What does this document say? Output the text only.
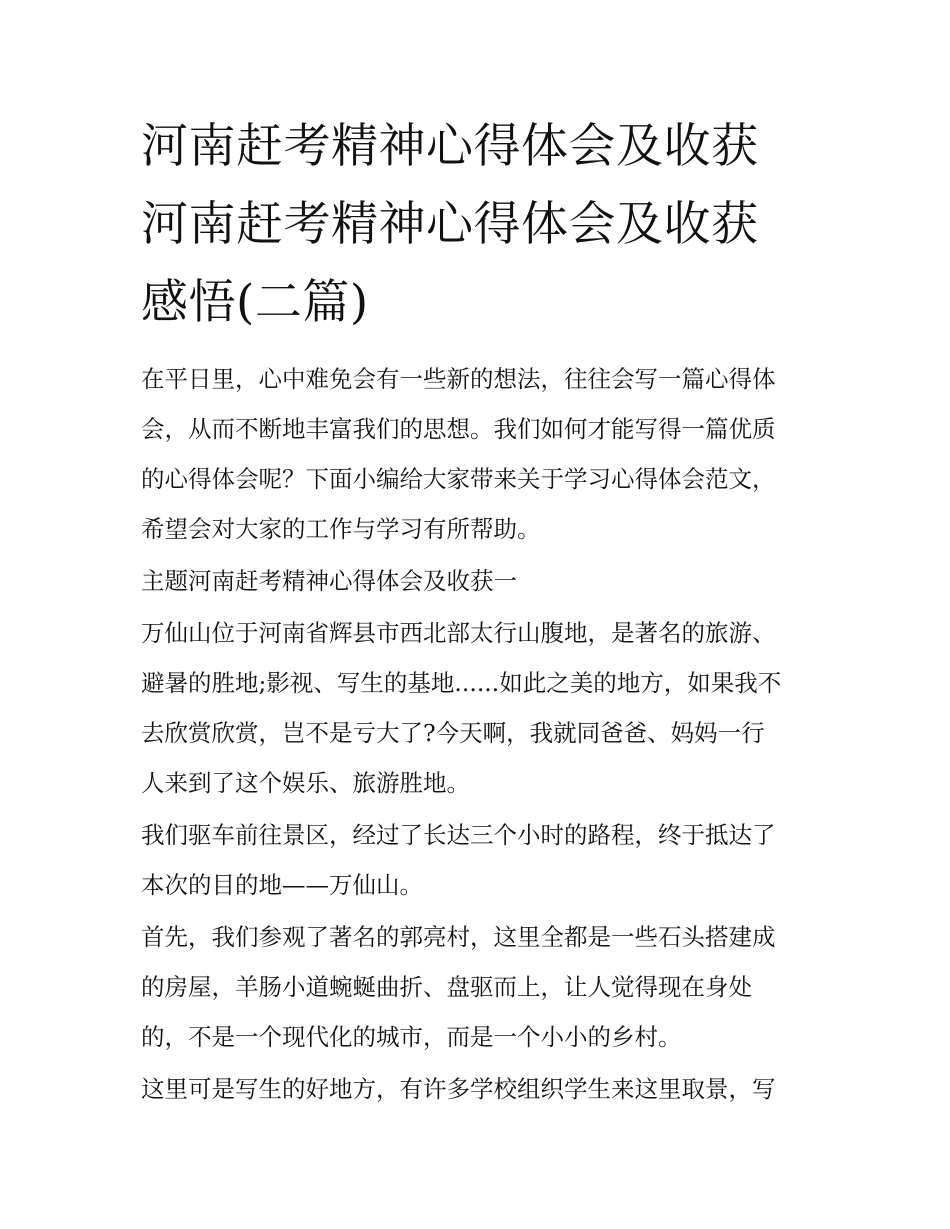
河南赶考精神心得体会及收获
河南赶考精神心得体会及收获
感悟(二篇)
在平日里，心中难免会有一些新的想法，往往会写一篇心得体
会，从而不断地丰富我们的思想。我们如何才能写得一篇优质
的心得体会呢？下面小编给大家带来关于学习心得体会范文，
希望会对大家的工作与学习有所帮助。
主题河南赶考精神心得体会及收获一
万仙山位于河南省辉县市西北部太行山腹地，是著名的旅游、
避暑的胜地;影视、写生的基地......如此之美的地方，如果我不
去欣赏欣赏，岂不是亏大了?今天啊，我就同爸爸、妈妈一行
人来到了这个娱乐、旅游胜地。
我们驱车前往景区，经过了长达三个小时的路程，终于抵达了
本次的目的地——万仙山。
首先，我们参观了著名的郭亮村，这里全都是一些石头搭建成
的房屋，羊肠小道蜿蜒曲折、盘驱而上，让人觉得现在身处
的，不是一个现代化的城市，而是一个小小的乡村。
这里可是写生的好地方，有许多学校组织学生来这里取景，写
